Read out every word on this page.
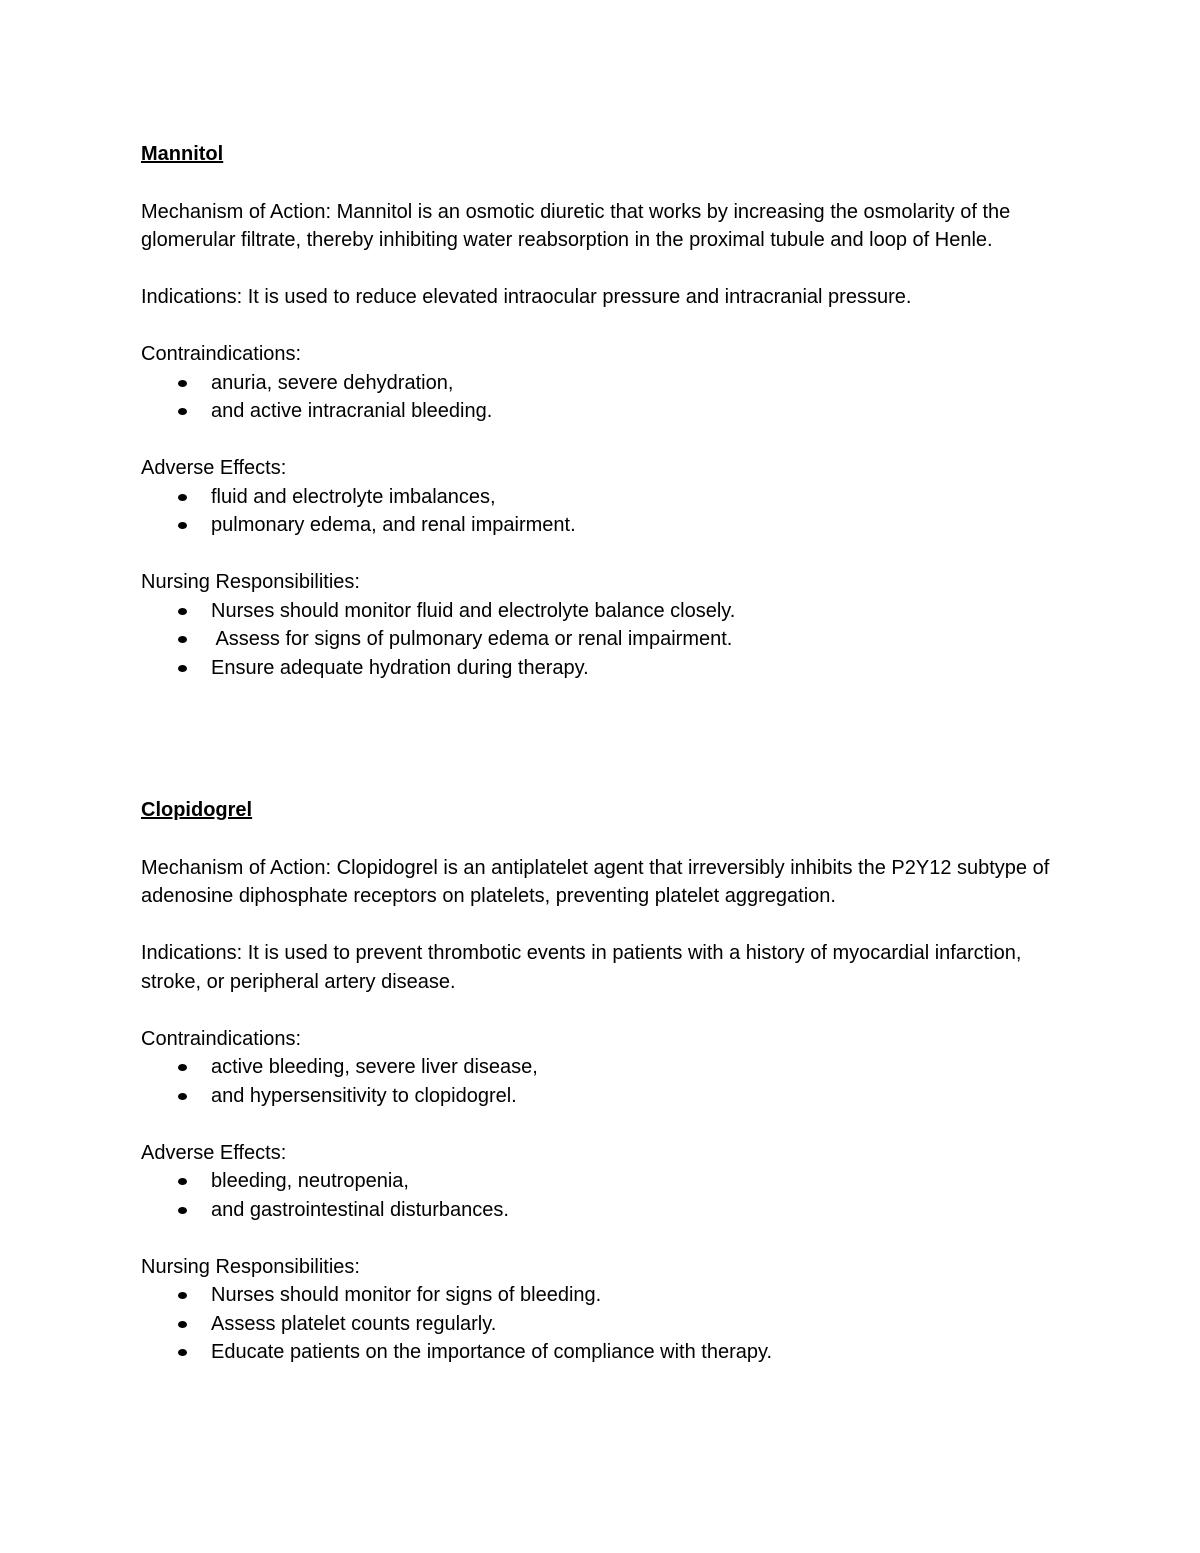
Mannitol

Mechanism of Action: Mannitol is an osmotic diuretic that works by increasing the osmolarity of the glomerular filtrate, thereby inhibiting water reabsorption in the proximal tubule and loop of Henle.

Indications: It is used to reduce elevated intraocular pressure and intracranial pressure.

Contraindications:

anuria, severe dehydration,
and active intracranial bleeding.

Adverse Effects:

fluid and electrolyte imbalances,
pulmonary edema, and renal impairment.

Nursing Responsibilities:

Nurses should monitor fluid and electrolyte balance closely.
Assess for signs of pulmonary edema or renal impairment.
Ensure adequate hydration during therapy.
Clopidogrel

Mechanism of Action: Clopidogrel is an antiplatelet agent that irreversibly inhibits the P2Y12 subtype of adenosine diphosphate receptors on platelets, preventing platelet aggregation.

Indications: It is used to prevent thrombotic events in patients with a history of myocardial infarction, stroke, or peripheral artery disease.

Contraindications:

active bleeding, severe liver disease,
and hypersensitivity to clopidogrel.

Adverse Effects:

bleeding, neutropenia,
and gastrointestinal disturbances.

Nursing Responsibilities:

Nurses should monitor for signs of bleeding.
Assess platelet counts regularly.
Educate patients on the importance of compliance with therapy.
